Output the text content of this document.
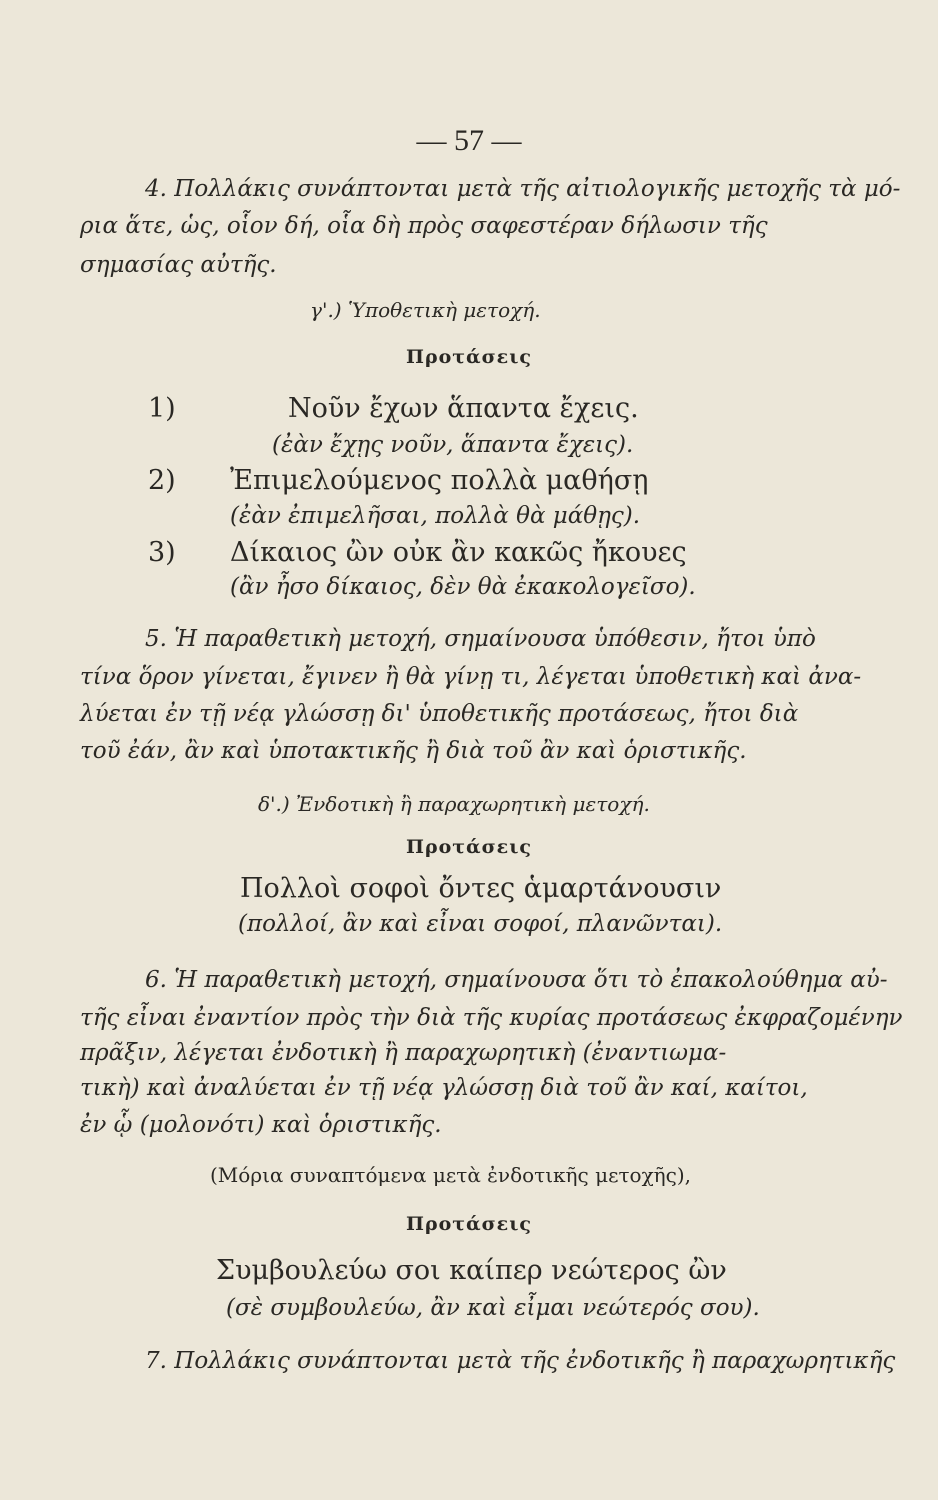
— 57 —
4. Πολλάκις συνάπτονται μετὰ τῆς αἰτιολογικῆς μετοχῆς τὰ μό-
ρια ἅτε, ὡς, οἷον δή, οἷα δὴ πρὸς σαφεστέραν δήλωσιν τῆς
σημασίας αὐτῆς.
γ'.) Ὑποθετικὴ μετοχή.
Προτάσεις
1)	Νοῦν ἔχων ἅπαντα ἔχεις.
(ἐὰν ἔχῃς νοῦν, ἅπαντα ἔχεις).
2) Ἐπιμελούμενος πολλὰ μαθήσῃ
(ἐὰν ἐπιμελῆσαι, πολλὰ θὰ μάθῃς).
3) Δίκαιος ὢν οὐκ ἂν κακῶς ἤκουες
(ἂν ἦσο δίκαιος, δὲν θὰ ἐκακολογεῖσο).
5. Ἡ παραθετικὴ μετοχή, σημαίνουσα ὑπόθεσιν, ἤτοι ὑπὸ
τίνα ὅρον γίνεται, ἔγινεν ἢ θὰ γίνῃ τι, λέγεται ὑποθετικὴ καὶ ἀνα-
λύεται ἐν τῇ νέᾳ γλώσσῃ δι' ὑποθετικῆς προτάσεως, ἤτοι διὰ
τοῦ ἐάν, ἂν καὶ ὑποτακτικῆς ἢ διὰ τοῦ ἂν καὶ ὁριστικῆς.
δ'.) Ἐνδοτικὴ ἢ παραχωρητικὴ μετοχή.
Προτάσεις
Πολλοὶ σοφοὶ ὄντες ἁμαρτάνουσιν
(πολλοί, ἂν καὶ εἶναι σοφοί, πλανῶνται).
6. Ἡ παραθετικὴ μετοχή, σημαίνουσα ὅτι τὸ ἐπακολούθημα αὐ-
τῆς εἶναι ἐναντίον πρὸς τὴν διὰ τῆς κυρίας προτάσεως ἐκφραζομένην
πρᾶξιν, λέγεται ἐνδοτικὴ ἢ παραχωρητικὴ (ἐναντιωμα-
τικὴ) καὶ ἀναλύεται ἐν τῇ νέᾳ γλώσσῃ διὰ τοῦ ἂν καί, καίτοι,
ἐν ᾧ (μολονότι) καὶ ὁριστικῆς.
(Μόρια συναπτόμενα μετὰ ἐνδοτικῆς μετοχῆς),
Προτάσεις
Συμβουλεύω σοι καίπερ νεώτερος ὢν
(σὲ συμβουλεύω, ἂν καὶ εἶμαι νεώτερός σου).
7. Πολλάκις συνάπτονται μετὰ τῆς ἐνδοτικῆς ἢ παραχωρητικῆς
